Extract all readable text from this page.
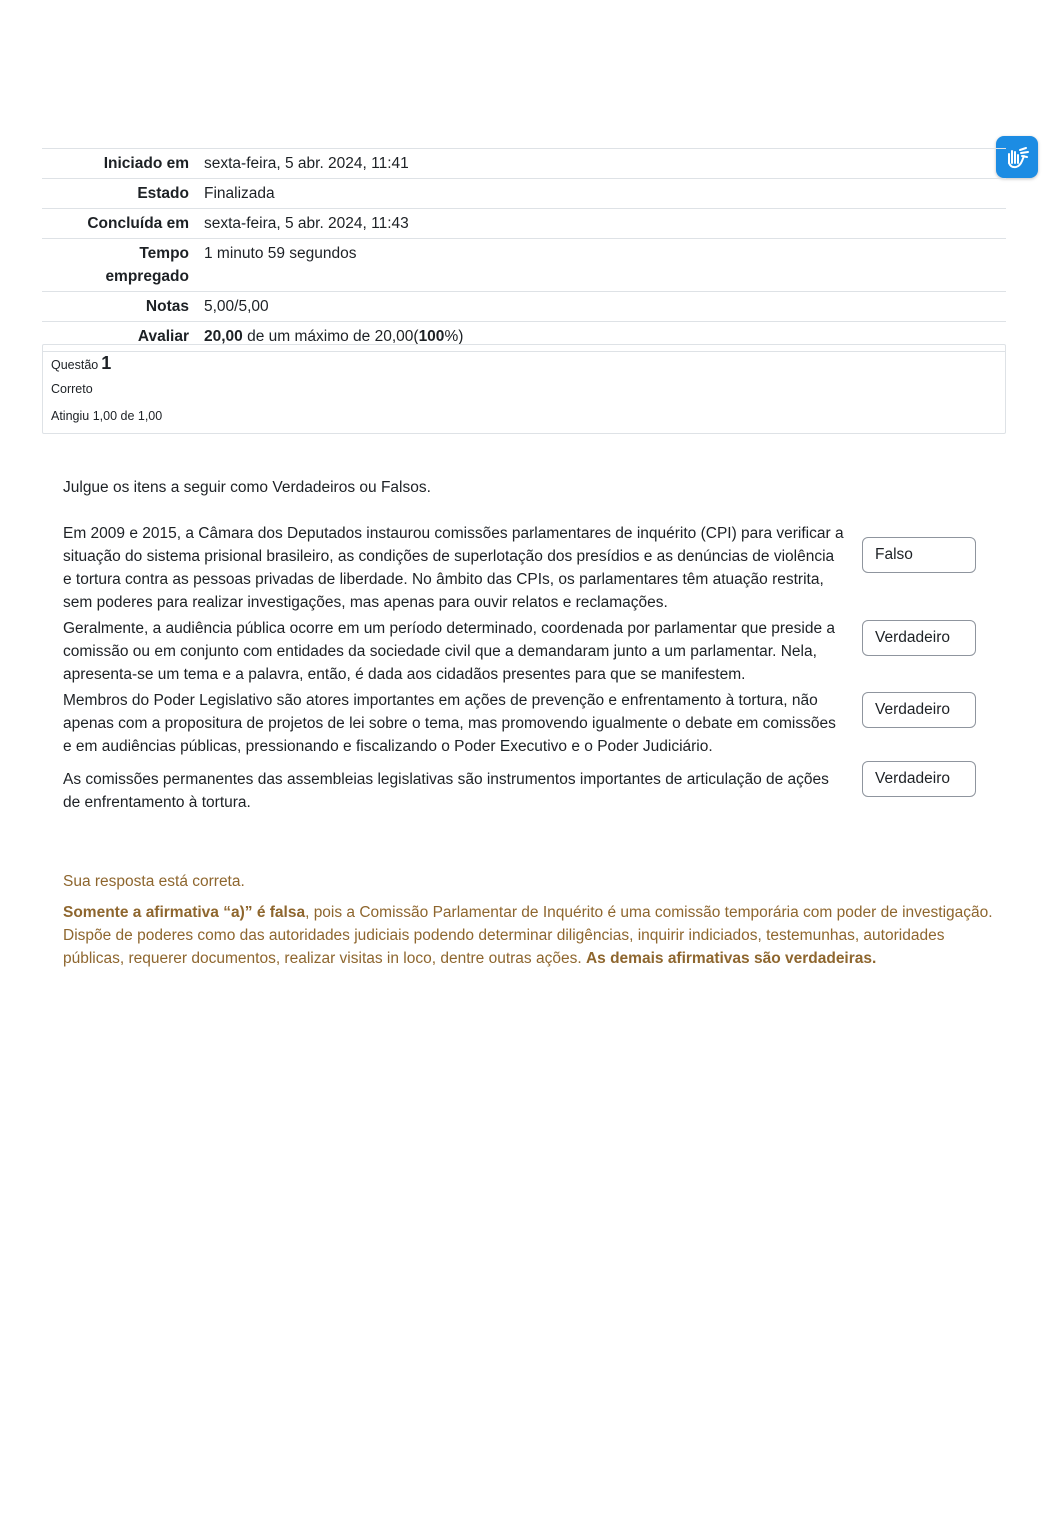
Iniciado em	sexta-feira, 5 abr. 2024, 11:41
Estado	Finalizada
Concluída em	sexta-feira, 5 abr. 2024, 11:43
Tempo empregado	1 minuto 59 segundos
Notas	5,00/5,00
Avaliar	20,00 de um máximo de 20,00(100%)
Questão 1
Correto
Atingiu 1,00 de 1,00

Julgue os itens a seguir como Verdadeiros ou Falsos.

Em 2009 e 2015, a Câmara dos Deputados instaurou comissões parlamentares de inquérito (CPI) para verificar a situação do sistema prisional brasileiro, as condições de superlotação dos presídios e as denúncias de violência e tortura contra as pessoas privadas de liberdade. No âmbito das CPIs, os parlamentares têm atuação restrita, sem poderes para realizar investigações, mas apenas para ouvir relatos e reclamações.
Falso
Geralmente, a audiência pública ocorre em um período determinado, coordenada por parlamentar que preside a comissão ou em conjunto com entidades da sociedade civil que a demandaram junto a um parlamentar. Nela, apresenta-se um tema e a palavra, então, é dada aos cidadãos presentes para que se manifestem.
Verdadeiro
Membros do Poder Legislativo são atores importantes em ações de prevenção e enfrentamento à tortura, não apenas com a propositura de projetos de lei sobre o tema, mas promovendo igualmente o debate em comissões e em audiências públicas, pressionando e fiscalizando o Poder Executivo e o Poder Judiciário.
Verdadeiro
As comissões permanentes das assembleias legislativas são instrumentos importantes de articulação de ações de enfrentamento à tortura.
Verdadeiro

Sua resposta está correta.

Somente a afirmativa “a)” é falsa, pois a Comissão Parlamentar de Inquérito é uma comissão temporária com poder de investigação. Dispõe de poderes como das autoridades judiciais podendo determinar diligências, inquirir indiciados, testemunhas, autoridades públicas, requerer documentos, realizar visitas in loco, dentre outras ações. As demais afirmativas são verdadeiras.
